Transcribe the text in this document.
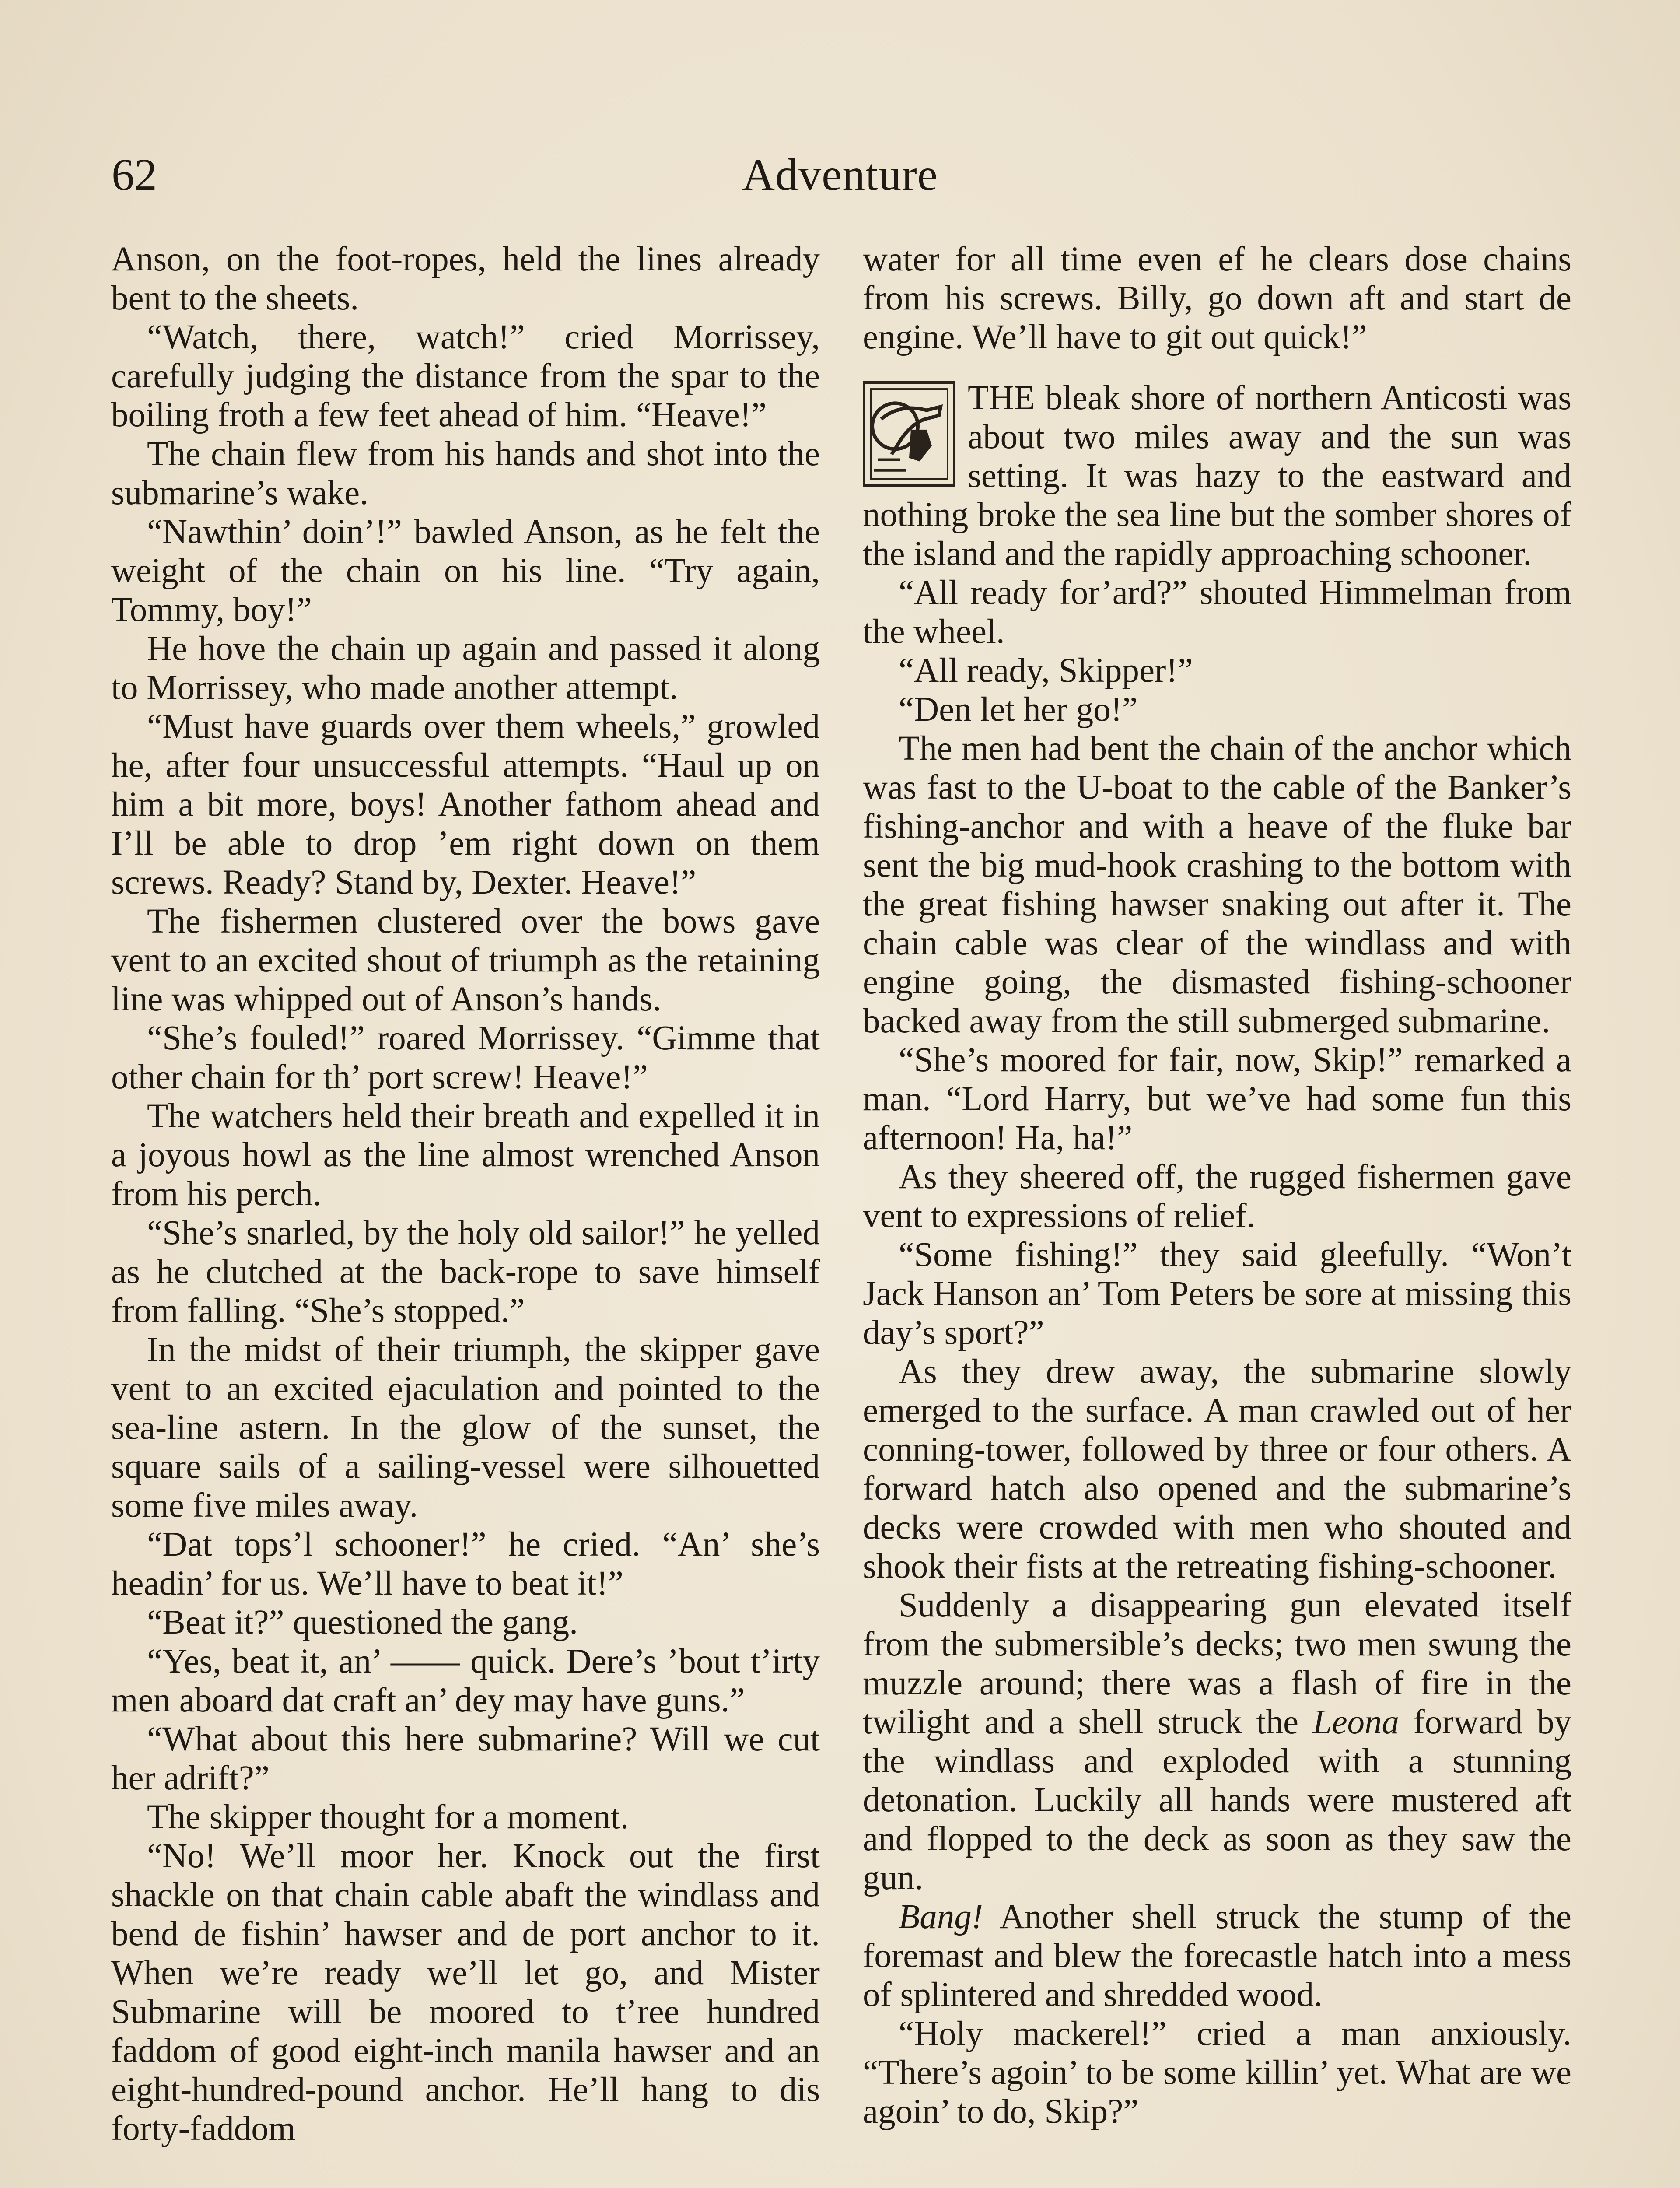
62	Adventure

Anson, on the foot-ropes, held the lines already bent to the sheets.

“Watch, there, watch!” cried Morrissey, carefully judging the distance from the spar to the boiling froth a few feet ahead of him. “Heave!”

The chain flew from his hands and shot into the submarine’s wake.

“Nawthin’ doin’!” bawled Anson, as he felt the weight of the chain on his line. “Try again, Tommy, boy!”

He hove the chain up again and passed it along to Morrissey, who made another attempt.

“Must have guards over them wheels,” growled he, after four unsuccessful attempts. “Haul up on him a bit more, boys! Another fathom ahead and I’ll be able to drop ’em right down on them screws. Ready? Stand by, Dexter. Heave!”

The fishermen clustered over the bows gave vent to an excited shout of triumph as the retaining line was whipped out of Anson’s hands.

“She’s fouled!” roared Morrissey. “Gimme that other chain for th’ port screw! Heave!”

The watchers held their breath and expelled it in a joyous howl as the line almost wrenched Anson from his perch.

“She’s snarled, by the holy old sailor!” he yelled as he clutched at the back-rope to save himself from falling. “She’s stopped.”

In the midst of their triumph, the skipper gave vent to an excited ejaculation and pointed to the sea-line astern. In the glow of the sunset, the square sails of a sailing-vessel were silhouetted some five miles away.

“Dat tops’l schooner!” he cried. “An’ she’s headin’ for us. We’ll have to beat it!”

“Beat it?” questioned the gang.

“Yes, beat it, an’ —— quick. Dere’s ’bout t’irty men aboard dat craft an’ dey may have guns.”

“What about this here submarine? Will we cut her adrift?”

The skipper thought for a moment.

“No! We’ll moor her. Knock out the first shackle on that chain cable abaft the windlass and bend de fishin’ hawser and de port anchor to it. When we’re ready we’ll let go, and Mister Submarine will be moored to t’ree hundred faddom of good eight-inch manila hawser and an eight-hundred-pound anchor. He’ll hang to dis forty-faddom

water for all time even ef he clears dose chains from his screws. Billy, go down aft and start de engine. We’ll have to git out quick!”

THE bleak shore of northern Anticosti was about two miles away and the sun was setting. It was hazy to the eastward and nothing broke the sea line but the somber shores of the island and the rapidly approaching schooner.

“All ready for’ard?” shouted Himmelman from the wheel.

“All ready, Skipper!”

“Den let her go!”

The men had bent the chain of the anchor which was fast to the U-boat to the cable of the Banker’s fishing-anchor and with a heave of the fluke bar sent the big mud-hook crashing to the bottom with the great fishing hawser snaking out after it. The chain cable was clear of the windlass and with engine going, the dismasted fishing-schooner backed away from the still submerged submarine.

“She’s moored for fair, now, Skip!” remarked a man. “Lord Harry, but we’ve had some fun this afternoon! Ha, ha!”

As they sheered off, the rugged fishermen gave vent to expressions of relief.

“Some fishing!” they said gleefully. “Won’t Jack Hanson an’ Tom Peters be sore at missing this day’s sport?”

As they drew away, the submarine slowly emerged to the surface. A man crawled out of her conning-tower, followed by three or four others. A forward hatch also opened and the submarine’s decks were crowded with men who shouted and shook their fists at the retreating fishing-schooner.

Suddenly a disappearing gun elevated itself from the submersible’s decks; two men swung the muzzle around; there was a flash of fire in the twilight and a shell struck the Leona forward by the windlass and exploded with a stunning detonation. Luckily all hands were mustered aft and flopped to the deck as soon as they saw the gun.

Bang! Another shell struck the stump of the foremast and blew the forecastle hatch into a mess of splintered and shredded wood.

“Holy mackerel!” cried a man anxiously. “There’s agoin’ to be some killin’ yet. What are we agoin’ to do, Skip?”
